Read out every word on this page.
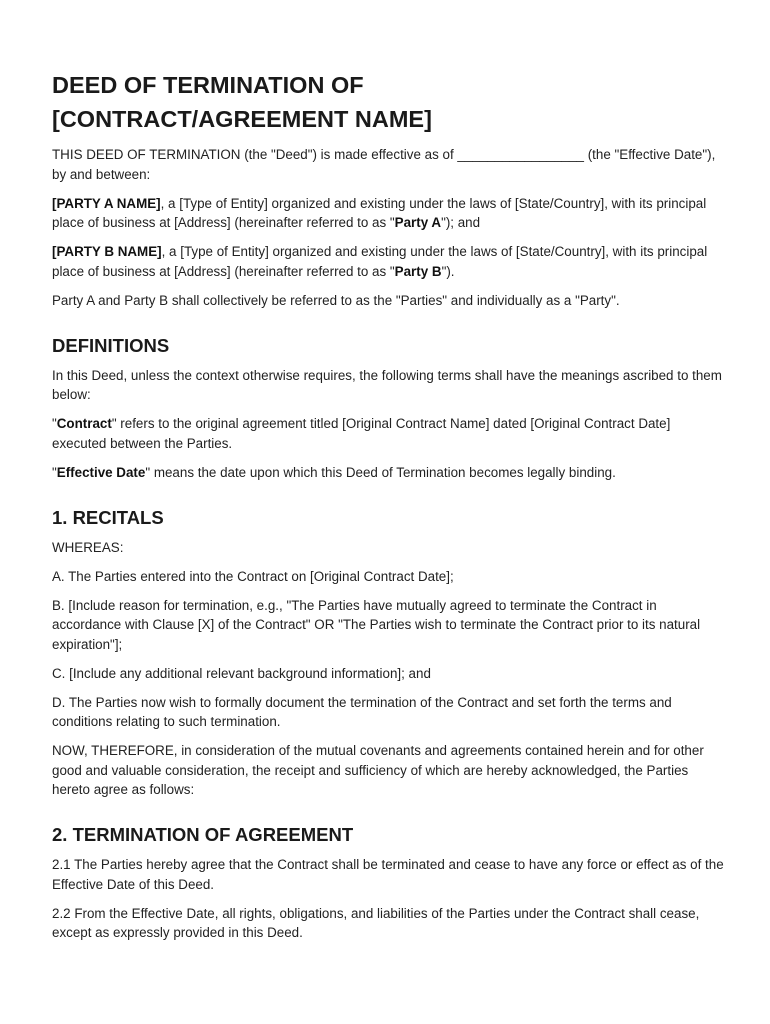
DEED OF TERMINATION OF
[CONTRACT/AGREEMENT NAME]

THIS DEED OF TERMINATION (the "Deed") is made effective as of _________________ (the "Effective Date"), by and between:

[PARTY A NAME], a [Type of Entity] organized and existing under the laws of [State/Country], with its principal place of business at [Address] (hereinafter referred to as "Party A"); and

[PARTY B NAME], a [Type of Entity] organized and existing under the laws of [State/Country], with its principal place of business at [Address] (hereinafter referred to as "Party B").

Party A and Party B shall collectively be referred to as the "Parties" and individually as a "Party".

DEFINITIONS

In this Deed, unless the context otherwise requires, the following terms shall have the meanings ascribed to them below:

"Contract" refers to the original agreement titled [Original Contract Name] dated [Original Contract Date] executed between the Parties.

"Effective Date" means the date upon which this Deed of Termination becomes legally binding.

1. RECITALS

WHEREAS:

A. The Parties entered into the Contract on [Original Contract Date];

B. [Include reason for termination, e.g., "The Parties have mutually agreed to terminate the Contract in accordance with Clause [X] of the Contract" OR "The Parties wish to terminate the Contract prior to its natural expiration"];

C. [Include any additional relevant background information]; and

D. The Parties now wish to formally document the termination of the Contract and set forth the terms and conditions relating to such termination.

NOW, THEREFORE, in consideration of the mutual covenants and agreements contained herein and for other good and valuable consideration, the receipt and sufficiency of which are hereby acknowledged, the Parties hereto agree as follows:

2. TERMINATION OF AGREEMENT

2.1 The Parties hereby agree that the Contract shall be terminated and cease to have any force or effect as of the Effective Date of this Deed.

2.2 From the Effective Date, all rights, obligations, and liabilities of the Parties under the Contract shall cease, except as expressly provided in this Deed.
